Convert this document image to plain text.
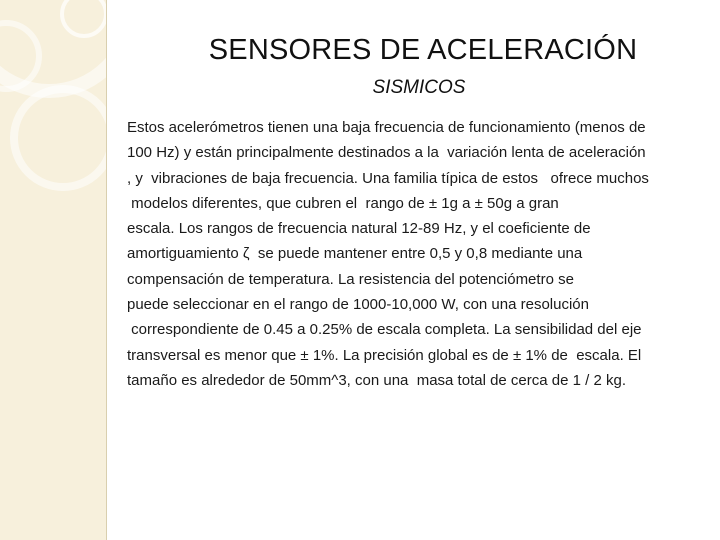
SENSORES DE ACELERACIÓN
SISMICOS
Estos acelerómetros tienen una baja frecuencia de funcionamiento (menos de
100 Hz) y están principalmente destinados a la  variación lenta de aceleración
, y  vibraciones de baja frecuencia. Una familia típica de estos   ofrece muchos
modelos diferentes, que cubren el  rango de ± 1g a ± 50g a gran
escala. Los rangos de frecuencia natural 12-89 Hz, y el coeficiente de
amortiguamiento ζ  se puede mantener entre 0,5 y 0,8 mediante una
compensación de temperatura. La resistencia del potenciómetro se
puede seleccionar en el rango de 1000-10,000 W, con una resolución
correspondiente de 0.45 a 0.25% de escala completa. La sensibilidad del eje
transversal es menor que ± 1%. La precisión global es de ± 1% de  escala. El
tamaño es alrededor de 50mm^3, con una  masa total de cerca de 1 / 2 kg.
